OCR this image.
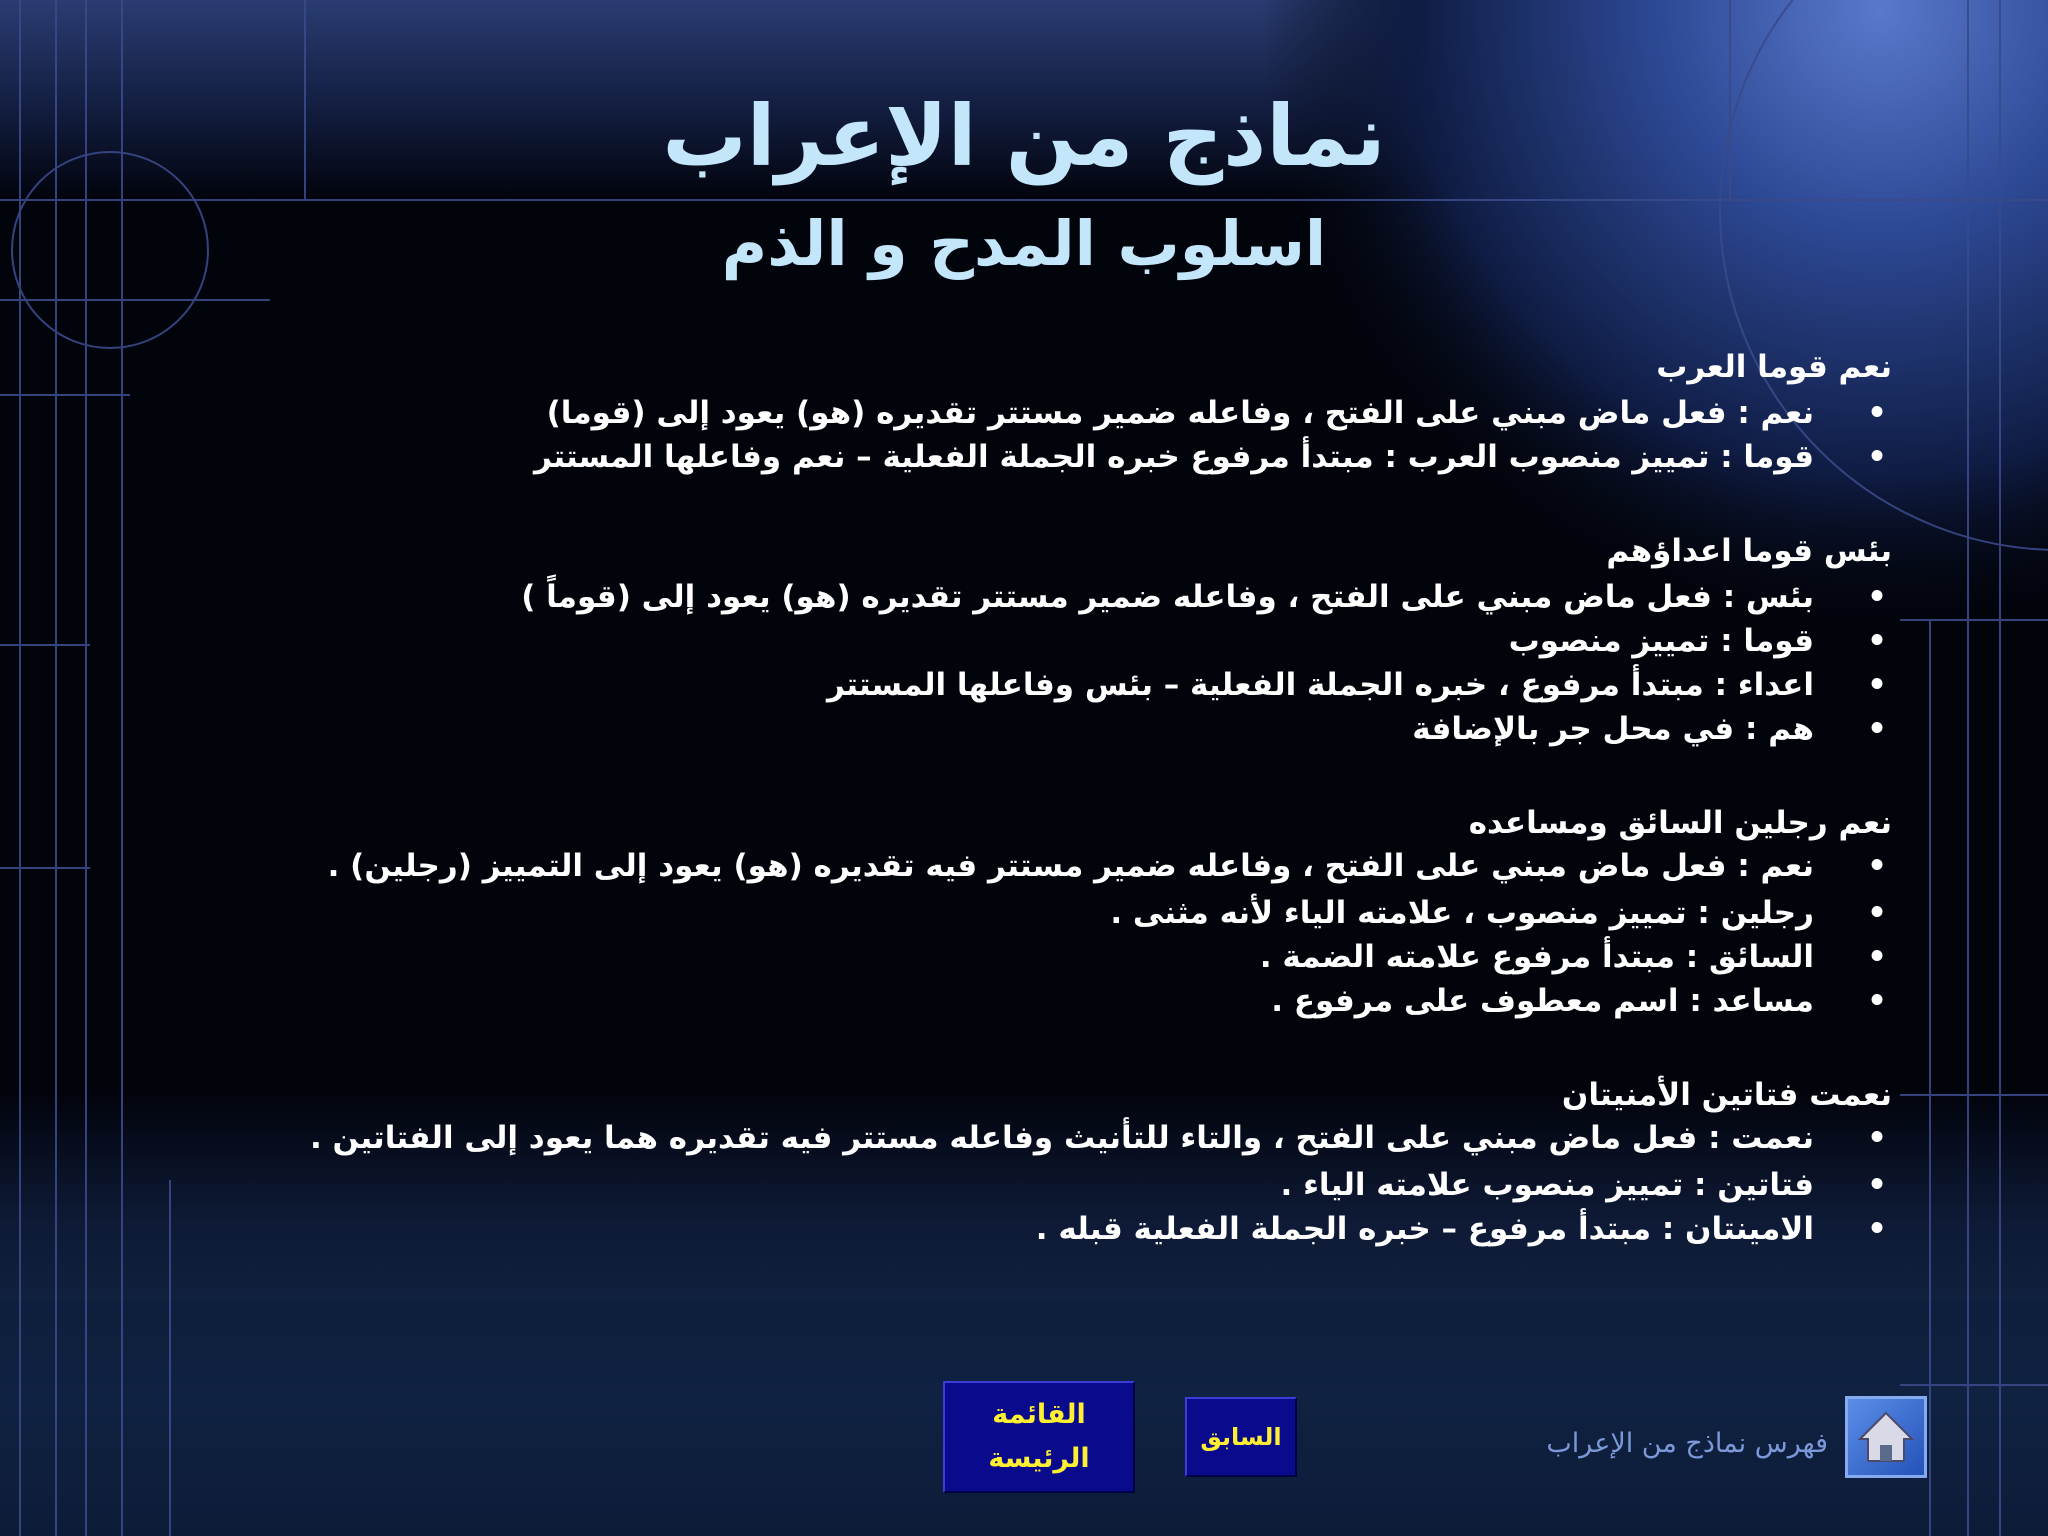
نماذج من الإعراب
اسلوب المدح و الذم
نعم قوما العرب
•
نعم : فعل ماض مبني على الفتح ، وفاعله ضمير مستتر تقديره (هو) يعود إلى (قوما)
•
قوما : تمييز منصوب العرب : مبتدأ مرفوع خبره الجملة الفعلية – نعم وفاعلها المستتر
بئس قوما اعداؤهم
•
بئس : فعل ماض مبني على الفتح ، وفاعله ضمير مستتر تقديره (هو) يعود إلى (قوماً )
•
قوما : تمييز منصوب
•
اعداء : مبتدأ مرفوع ، خبره الجملة الفعلية – بئس وفاعلها المستتر
•
هم : في محل جر بالإضافة
نعم رجلين السائق ومساعده
•
نعم : فعل ماض مبني على الفتح ، وفاعله ضمير مستتر فيه تقديره (هو) يعود إلى التمييز (رجلين) .
•
رجلين : تمييز منصوب ، علامته الياء لأنه مثنى .
•
السائق : مبتدأ مرفوع علامته الضمة .
•
مساعد : اسم معطوف على مرفوع .
نعمت فتاتين الأمنيتان
•
نعمت : فعل ماض مبني على الفتح ، والتاء للتأنيث وفاعله مستتر فيه تقديره هما يعود إلى الفتاتين .
•
فتاتين : تمييز منصوب علامته الياء .
•
الامينتان : مبتدأ مرفوع – خبره الجملة الفعلية قبله .
القائمة
الرئيسة
السابق	فهرس نماذج من الإعراب
